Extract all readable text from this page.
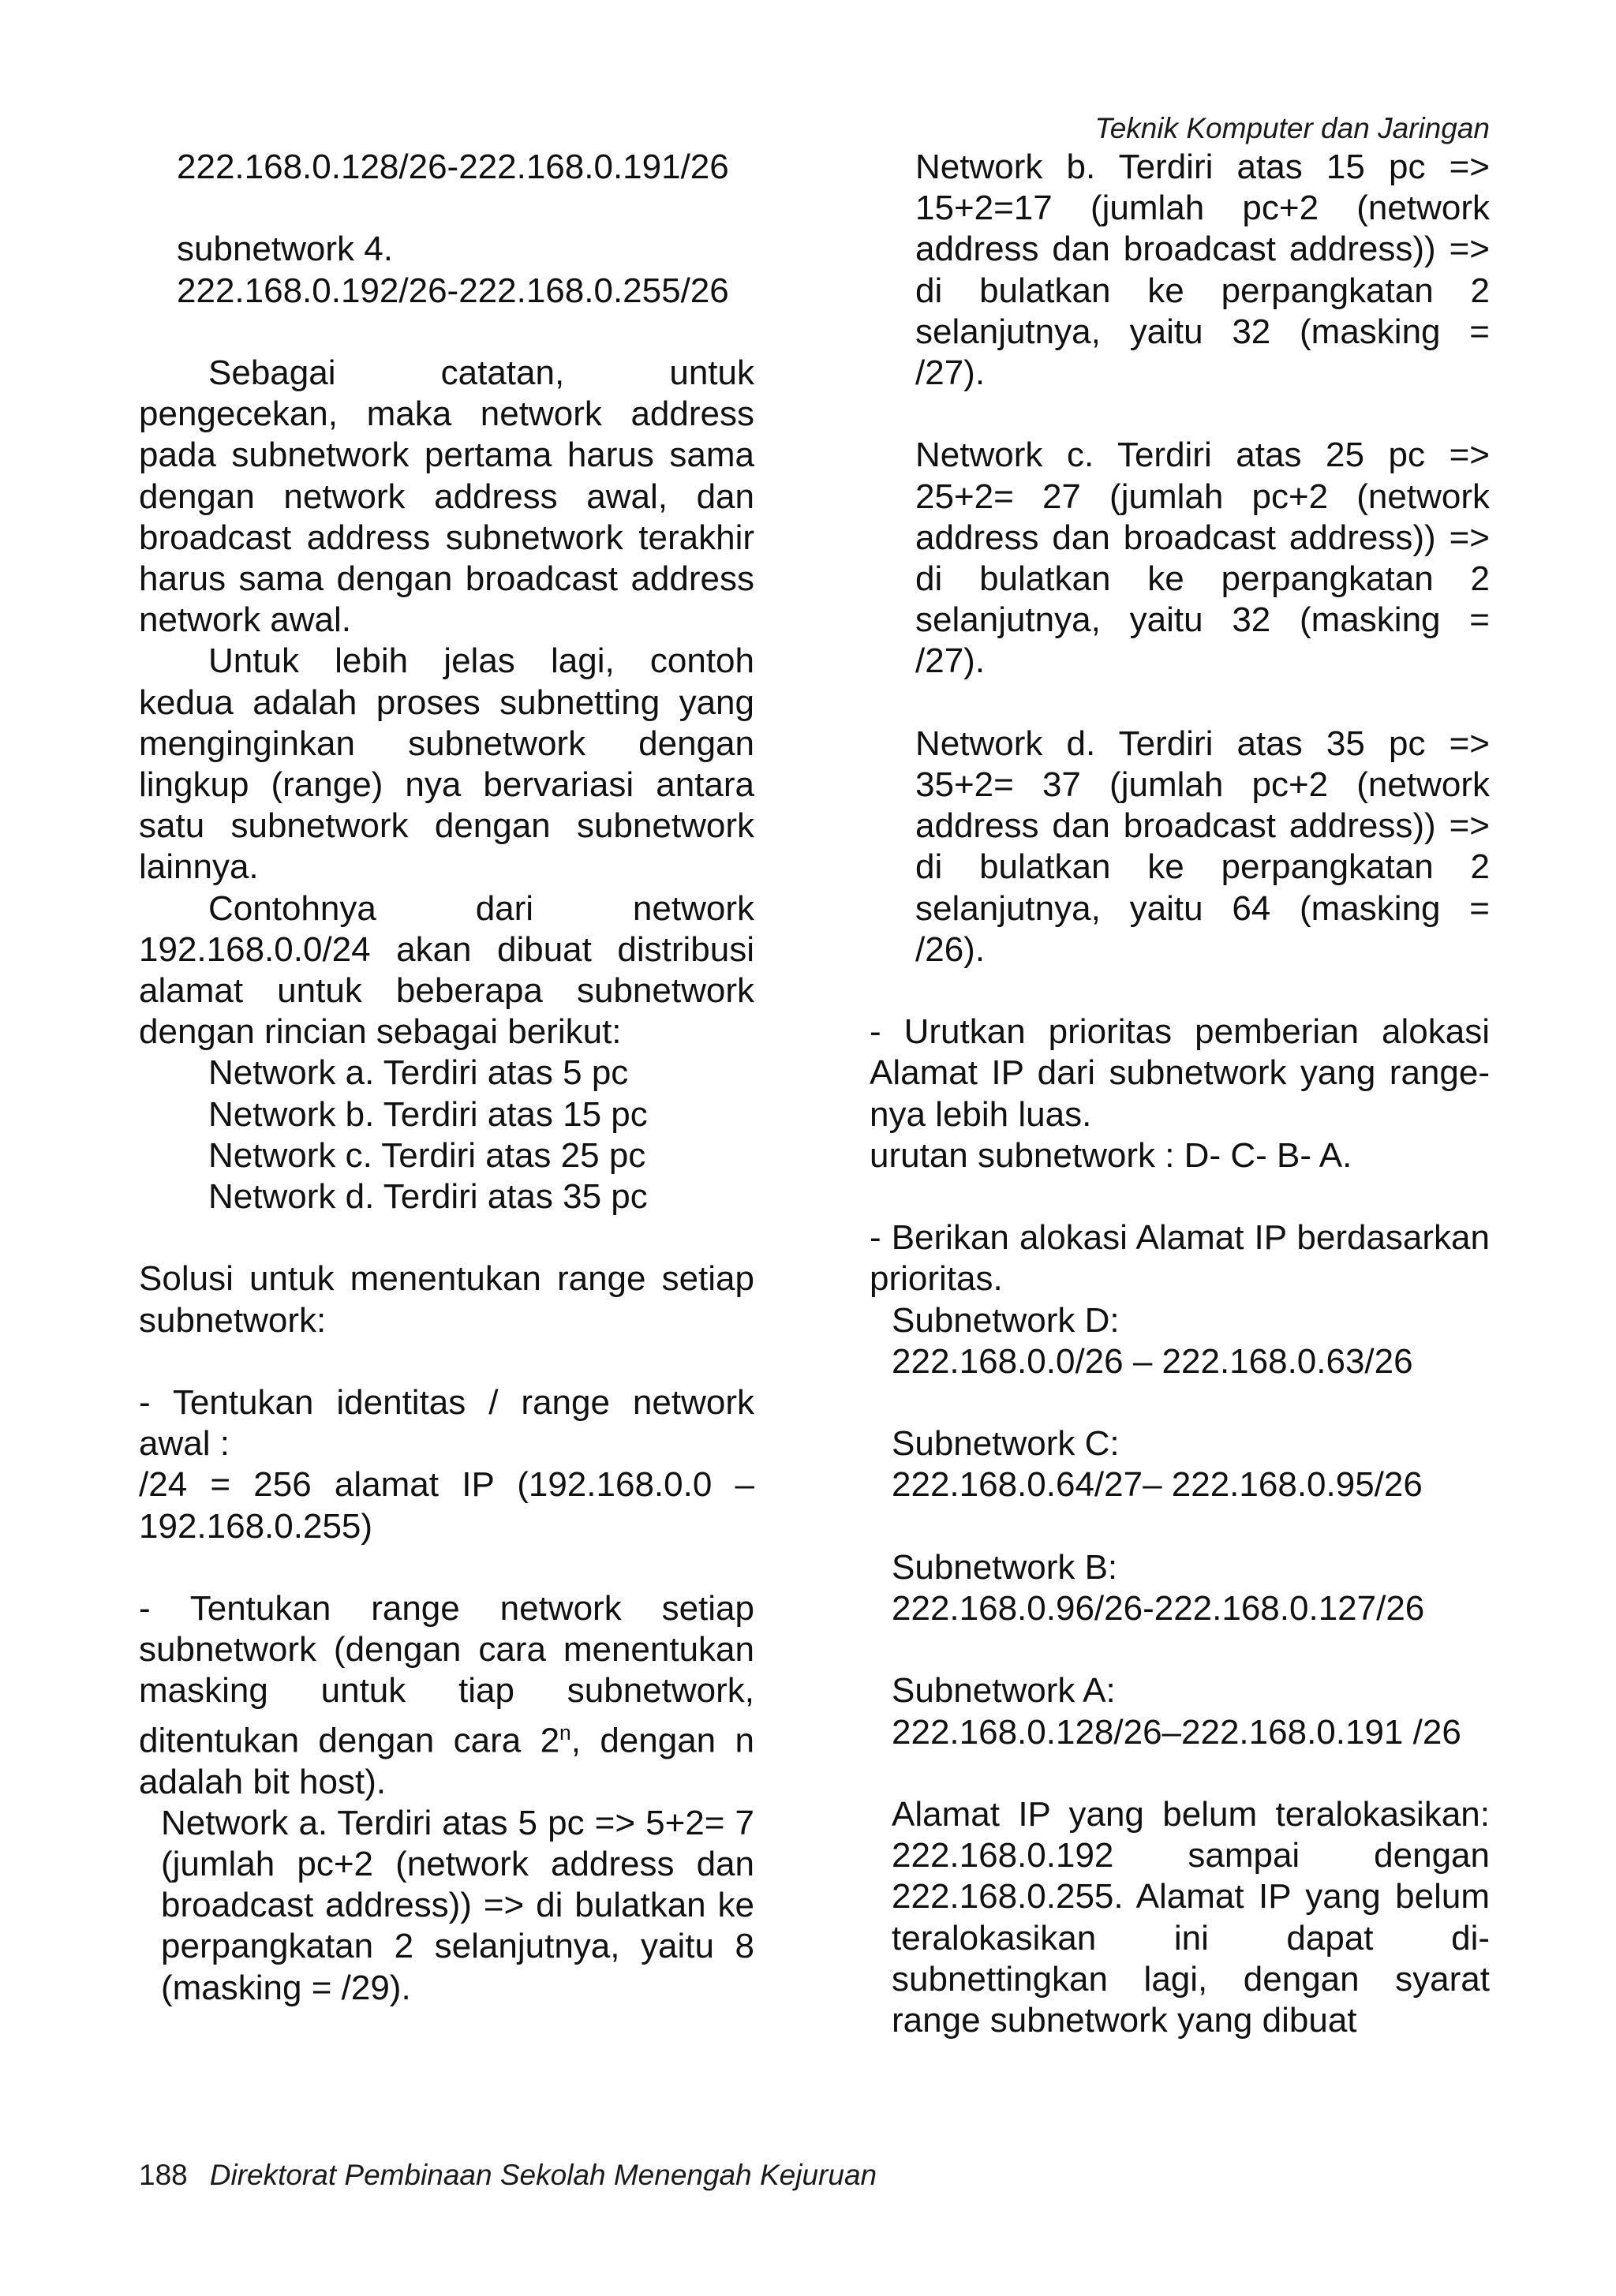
Teknik Komputer dan Jaringan

222.168.0.128/26-222.168.0.191/26

subnetwork 4.

222.168.0.192/26-222.168.0.255/26

Sebagai catatan, untuk pengecekan, maka network address pada subnetwork pertama harus sama dengan network address awal, dan broadcast address subnetwork terakhir harus sama dengan broadcast address network awal.

Untuk lebih jelas lagi, contoh kedua adalah proses subnetting yang menginginkan subnetwork dengan lingkup (range) nya bervariasi antara satu subnetwork dengan subnetwork lainnya.

Contohnya dari network 192.168.0.0/24 akan dibuat distribusi alamat untuk beberapa subnetwork dengan rincian sebagai berikut:

Network a. Terdiri atas 5 pc

Network b. Terdiri atas 15 pc

Network c. Terdiri atas 25 pc

Network d. Terdiri atas 35 pc

Solusi untuk menentukan range setiap subnetwork:

- Tentukan identitas / range network awal :

/24 = 256 alamat IP (192.168.0.0 – 192.168.0.255)

- Tentukan range network setiap subnetwork (dengan cara menentukan masking untuk tiap subnetwork, ditentukan dengan cara 2$^n$, dengan n adalah bit host).

Network a. Terdiri atas 5 pc => 5+2= 7 (jumlah pc+2 (network address dan broadcast address)) => di bulatkan ke perpangkatan 2 selanjutnya, yaitu 8 (masking = /29).

Network b. Terdiri atas 15 pc => 15+2=17 (jumlah pc+2 (network address dan broadcast address)) => di bulatkan ke perpangkatan 2 selanjutnya, yaitu 32 (masking = /27).

Network c. Terdiri atas 25 pc => 25+2= 27 (jumlah pc+2 (network address dan broadcast address)) => di bulatkan ke perpangkatan 2 selanjutnya, yaitu 32 (masking = /27).

Network d. Terdiri atas 35 pc => 35+2= 37 (jumlah pc+2 (network address dan broadcast address)) => di bulatkan ke perpangkatan 2 selanjutnya, yaitu 64 (masking = /26).

- Urutkan prioritas pemberian alokasi Alamat IP dari subnetwork yang range-nya lebih luas.

urutan subnetwork : D- C- B- A.

- Berikan alokasi Alamat IP berdasarkan prioritas.

Subnetwork D:

222.168.0.0/26 – 222.168.0.63/26

Subnetwork C:

222.168.0.64/27– 222.168.0.95/26

Subnetwork B:

222.168.0.96/26-222.168.0.127/26

Subnetwork A:

222.168.0.128/26–222.168.0.191 /26

Alamat IP yang belum teralokasikan: 222.168.0.192 sampai dengan 222.168.0.255. Alamat IP yang belum teralokasikan ini dapat di-subnettingkan lagi, dengan syarat range subnetwork yang dibuat

188 Direktorat Pembinaan Sekolah Menengah Kejuruan
